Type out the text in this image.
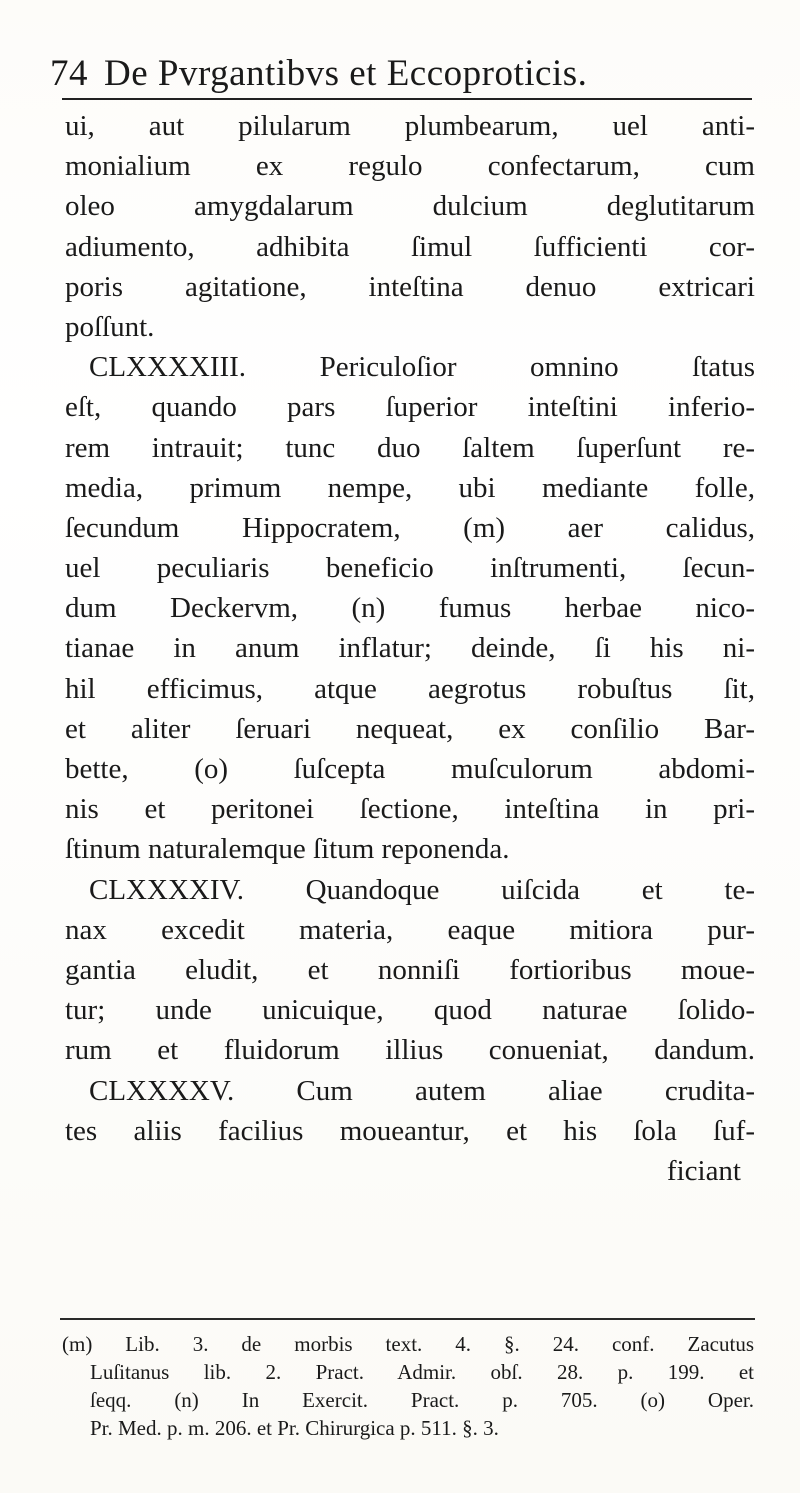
74 De Pvrgantibvs et Eccoproticis.
ui, aut pilularum plumbearum, uel anti-
monialium ex regulo confectarum, cum
oleo amygdalarum dulcium deglutitarum
adiumento, adhibita ſimul ſufficienti cor-
poris agitatione, inteſtina denuo extricari
poſſunt.
CLXXXXIII. Periculoſior omnino ſtatus
eſt, quando pars ſuperior inteſtini inferio-
rem intrauit; tunc duo ſaltem ſuperſunt re-
media, primum nempe, ubi mediante folle,
ſecundum Hippocratem, (m) aer calidus,
uel peculiaris beneficio inſtrumenti, ſecun-
dum Deckervm, (n) fumus herbae nico-
tianae in anum inflatur; deinde, ſi his ni-
hil efficimus, atque aegrotus robuſtus ſit,
et aliter ſeruari nequeat, ex conſilio Bar-
bette, (o) ſuſcepta muſculorum abdomi-
nis et peritonei ſectione, inteſtina in pri-
ſtinum naturalemque ſitum reponenda.
CLXXXXIV. Quandoque uiſcida et te-
nax excedit materia, eaque mitiora pur-
gantia eludit, et nonniſi fortioribus moue-
tur; unde unicuique, quod naturae ſolido-
rum et fluidorum illius conueniat, dandum.
CLXXXXV. Cum autem aliae crudita-
tes aliis facilius moueantur, et his ſola ſuf-
ficiant
(m) Lib. 3. de morbis text. 4. §. 24. conf. Zacutus
Luſitanus lib. 2. Pract. Admir. obſ. 28. p. 199. et
ſeqq. (n) In Exercit. Pract. p. 705. (o) Oper.
Pr. Med. p. m. 206. et Pr. Chirurgica p. 511. §. 3.
